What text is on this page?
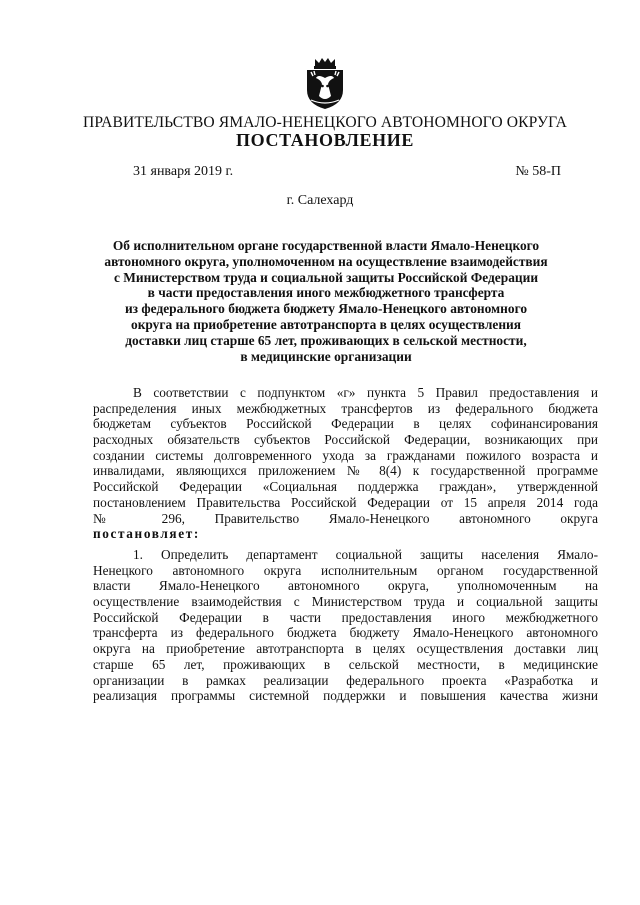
ПРАВИТЕЛЬСТВО ЯМАЛО-НЕНЕЦКОГО АВТОНОМНОГО ОКРУГА
ПОСТАНОВЛЕНИЕ
31 января 2019 г.	№ 58-П
г. Салехард
Об исполнительном органе государственной власти Ямало-Ненецкого
автономного округа, уполномоченном на осуществление взаимодействия
с Министерством труда и социальной защиты Российской Федерации
в части предоставления иного межбюджетного трансферта
из федерального бюджета бюджету Ямало-Ненецкого автономного
округа на приобретение автотранспорта в целях осуществления
доставки лиц старше 65 лет, проживающих в сельской местности,
в медицинские организации
В соответствии с подпунктом «г» пункта 5 Правил предоставления и
распределения иных межбюджетных трансфертов из федерального бюджета
бюджетам субъектов Российской Федерации в целях софинансирования
расходных обязательств субъектов Российской Федерации, возникающих при
создании системы долговременного ухода за гражданами пожилого возраста и
инвалидами, являющихся приложением № 8(4) к государственной программе
Российской Федерации «Социальная поддержка граждан», утвержденной
постановлением Правительства Российской Федерации от 15 апреля 2014 года
№ 296, Правительство Ямало-Ненецкого автономного округа
постановляет:
1. Определить департамент социальной защиты населения Ямало-
Ненецкого автономного округа исполнительным органом государственной
власти Ямало-Ненецкого автономного округа, уполномоченным на
осуществление взаимодействия с Министерством труда и социальной защиты
Российской Федерации в части предоставления иного межбюджетного
трансферта из федерального бюджета бюджету Ямало-Ненецкого автономного
округа на приобретение автотранспорта в целях осуществления доставки лиц
старше 65 лет, проживающих в сельской местности, в медицинские
организации в рамках реализации федерального проекта «Разработка и
реализация программы системной поддержки и повышения качества жизни
